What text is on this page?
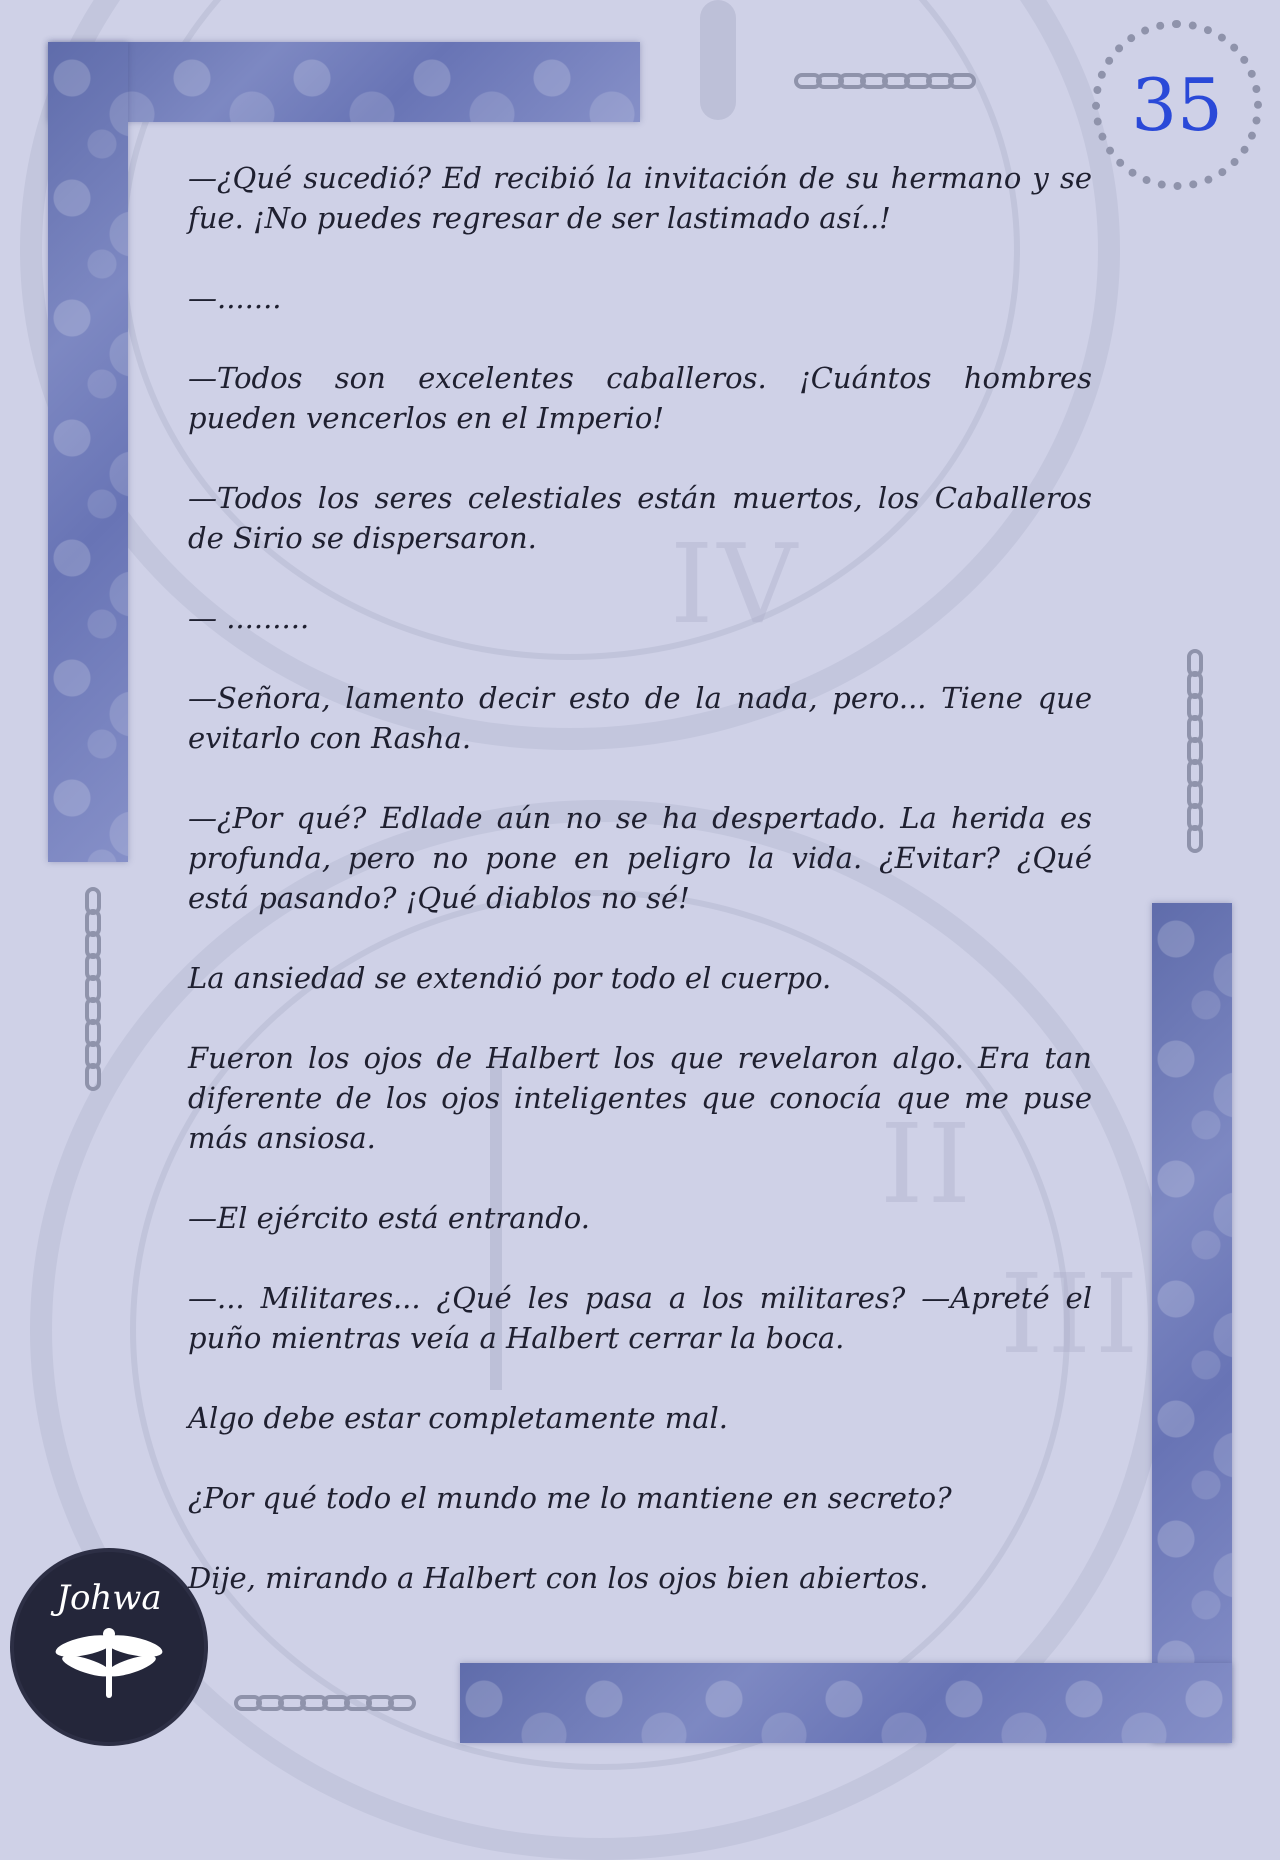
IV
III
II
35

—¿Qué sucedió? Ed recibió la invitación de su hermano y se fue. ¡No puedes regresar de ser lastimado así..!

—.......

—Todos son excelentes caballeros. ¡Cuántos hombres pueden vencerlos en el Imperio!

—Todos los seres celestiales están muertos, los Caballeros de Sirio se dispersaron.

— .........

—Señora, lamento decir esto de la nada, pero... Tiene que evitarlo con Rasha.

—¿Por qué? Edlade aún no se ha despertado. La herida es profunda, pero no pone en peligro la vida. ¿Evitar? ¿Qué está pasando? ¡Qué diablos no sé!

La ansiedad se extendió por todo el cuerpo.

Fueron los ojos de Halbert los que revelaron algo. Era tan diferente de los ojos inteligentes que conocía que me puse más ansiosa.

—El ejército está entrando.

—... Militares... ¿Qué les pasa a los militares? —Apreté el puño mientras veía a Halbert cerrar la boca.

Algo debe estar completamente mal.

¿Por qué todo el mundo me lo mantiene en secreto?

Dije, mirando a Halbert con los ojos bien abiertos.

Johwa
